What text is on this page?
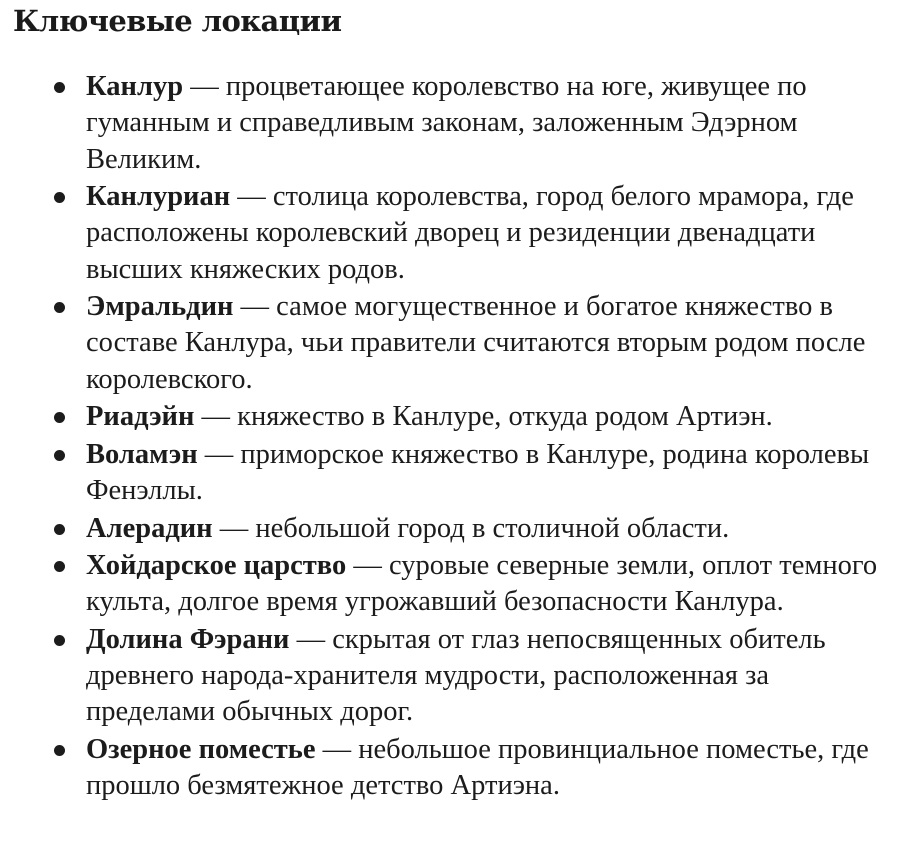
Ключевые локации
Канлур — процветающее королевство на юге, живущее по гуманным и справедливым законам, заложенным Эдэрном Великим.
Канлуриан — столица королевства, город белого мрамора, где расположены королевский дворец и резиденции двенадцати высших княжеских родов.
Эмральдин — самое могущественное и богатое княжество в составе Канлура, чьи правители считаются вторым родом после королевского.
Риадэйн — княжество в Канлуре, откуда родом Артиэн.
Воламэн — приморское княжество в Канлуре, родина королевы Фенэллы.
Алерадин — небольшой город в столичной области.
Хойдарское царство — суровые северные земли, оплот темного культа, долгое время угрожавший безопасности Канлура.
Долина Фэрани — скрытая от глаз непосвященных обитель древнего народа-хранителя мудрости, расположенная за пределами обычных дорог.
Озерное поместье — небольшое провинциальное поместье, где прошло безмятежное детство Артиэна.
